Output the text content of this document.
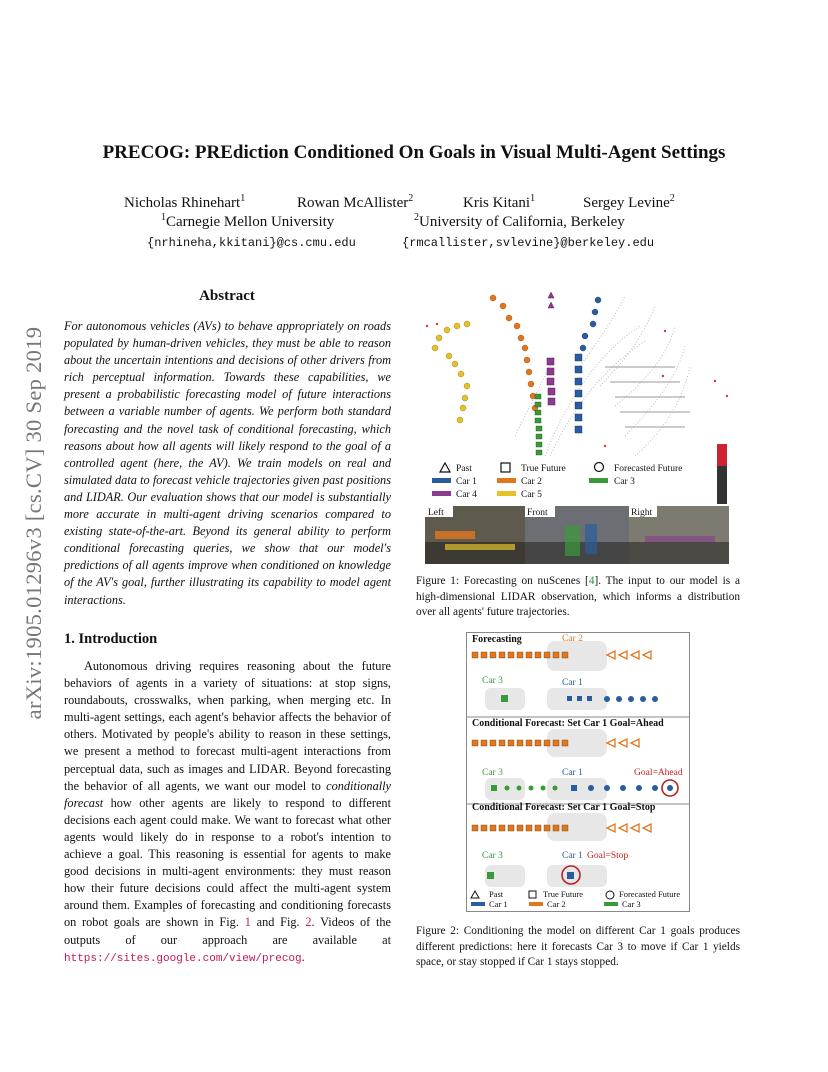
arXiv:1905.01296v3 [cs.CV] 30 Sep 2019
PRECOG: PREdiction Conditioned On Goals in Visual Multi-Agent Settings
Nicholas Rhinehart$^1$	Rowan McAllister$^2$	Kris Kitani$^1$	Sergey Levine$^2$
$^1$Carnegie Mellon University	$^2$University of California, Berkeley
{nrhineha,kkitani}@cs.cmu.edu	{rmcallister,svlevine}@berkeley.edu
Abstract

For autonomous vehicles (AVs) to behave appropriately on roads populated by human-driven vehicles, they must be able to reason about the uncertain intentions and decisions of other drivers from rich perceptual information. Towards these capabilities, we present a probabilistic forecasting model of future interactions between a variable number of agents. We perform both standard forecasting and the novel task of conditional forecasting, which reasons about how all agents will likely respond to the goal of a controlled agent (here, the AV). We train models on real and simulated data to forecast vehicle trajectories given past positions and LIDAR. Our evaluation shows that our model is substantially more accurate in multi-agent driving scenarios compared to existing state-of-the-art. Beyond its general ability to perform conditional forecasting queries, we show that our model's predictions of all agents improve when conditioned on knowledge of the AV's goal, further illustrating its capability to model agent interactions.

1. Introduction

Autonomous driving requires reasoning about the future behaviors of agents in a variety of situations: at stop signs, roundabouts, crosswalks, when parking, when merging etc. In multi-agent settings, each agent's behavior affects the behavior of others. Motivated by people's ability to reason in these settings, we present a method to forecast multi-agent interactions from perceptual data, such as images and LIDAR. Beyond forecasting the behavior of all agents, we want our model to conditionally forecast how other agents are likely to respond to different decisions each agent could make. We want to forecast what other agents would likely do in response to a robot's intention to achieve a goal. This reasoning is essential for agents to make good decisions in multi-agent environments: they must reason how their future decisions could affect the multi-agent system around them. Examples of forecasting and conditioning forecasts on robot goals are shown in Fig. 1 and Fig. 2. Videos of the outputs of our approach are available at https://sites.google.com/view/precog.

Past	True Future	Forecasted Future
Car 1	Car 2	Car 3
Car 4	Car 5
Left	Front	Right

Figure 1: Forecasting on nuScenes [4]. The input to our model is a high-dimensional LIDAR observation, which informs a distribution over all agents' future trajectories.

Forecasting	Car 2
Car 3	Car 1
Conditional Forecast: Set Car 1 Goal=Ahead
Car 3	Car 1	Goal=Ahead
Conditional Forecast: Set Car 1 Goal=Stop
Car 3	Car 1 Goal=Stop
Past	True Future	Forecasted Future
Car 1	Car 2	Car 3

Figure 2: Conditioning the model on different Car 1 goals produces different predictions: here it forecasts Car 3 to move if Car 1 yields space, or stay stopped if Car 1 stays stopped.
